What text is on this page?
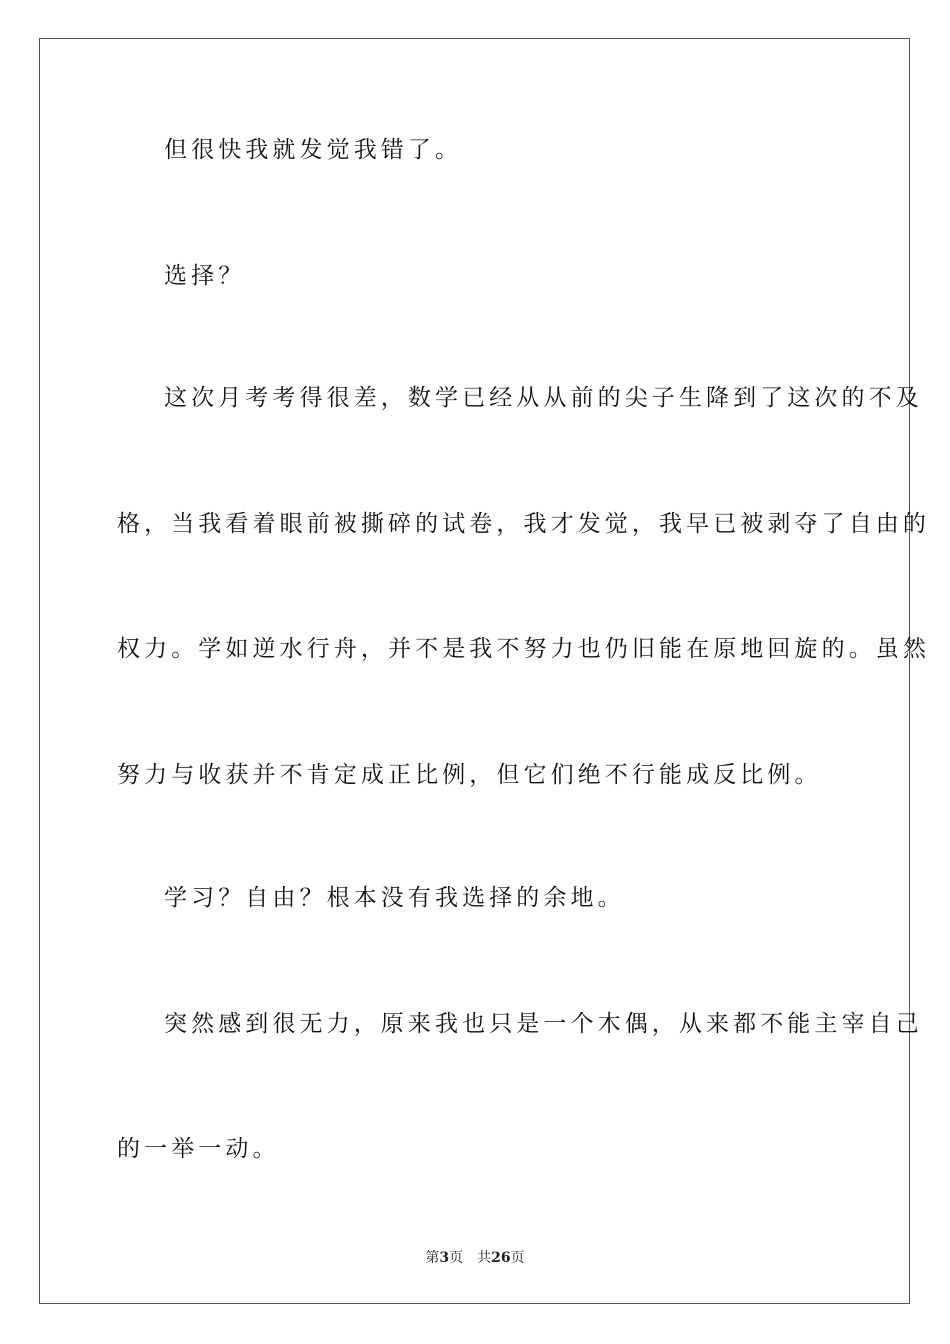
但很快我就发觉我错了。
选择？
这次月考考得很差，数学已经从从前的尖子生降到了这次的不及
格，当我看着眼前被撕碎的试卷，我才发觉，我早已被剥夺了自由的
权力。学如逆水行舟，并不是我不努力也仍旧能在原地回旋的。虽然
努力与收获并不肯定成正比例，但它们绝不行能成反比例。
学习？自由？根本没有我选择的余地。
突然感到很无力，原来我也只是一个木偶，从来都不能主宰自己
的一举一动。
第3页 共26页
